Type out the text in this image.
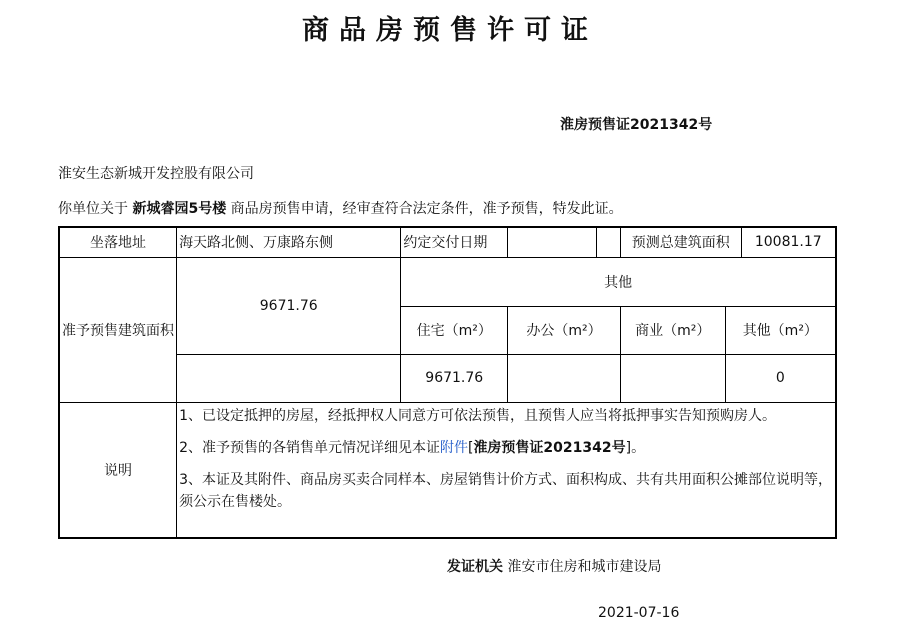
商品房预售许可证
淮房预售证2021342号
淮安生态新城开发控股有限公司
你单位关于 新城睿园5号楼 商品房预售申请，经审查符合法定条件，准予预售，特发此证。
坐落地址	海天路北侧、万康路东侧	约定交付日期			预测总建筑面积		10081.17
准予预售建筑面积	9671.76	其他					
		住宅（m²）	办公（m²）		商业（m²）	其他（m²）	
		9671.76				0	
说明	1、已设定抵押的房屋，经抵押权人同意方可依法预售，且预售人应当将抵押事实告知预购房人。
2、准予预售的各销售单元情况详细见本证附件[淮房预售证2021342号]。
3、本证及其附件、商品房买卖合同样本、房屋销售计价方式、面积构成、共有共用面积公摊部位说明等，须公示在售楼处。						
发证机关 淮安市住房和城市建设局
2021-07-16
